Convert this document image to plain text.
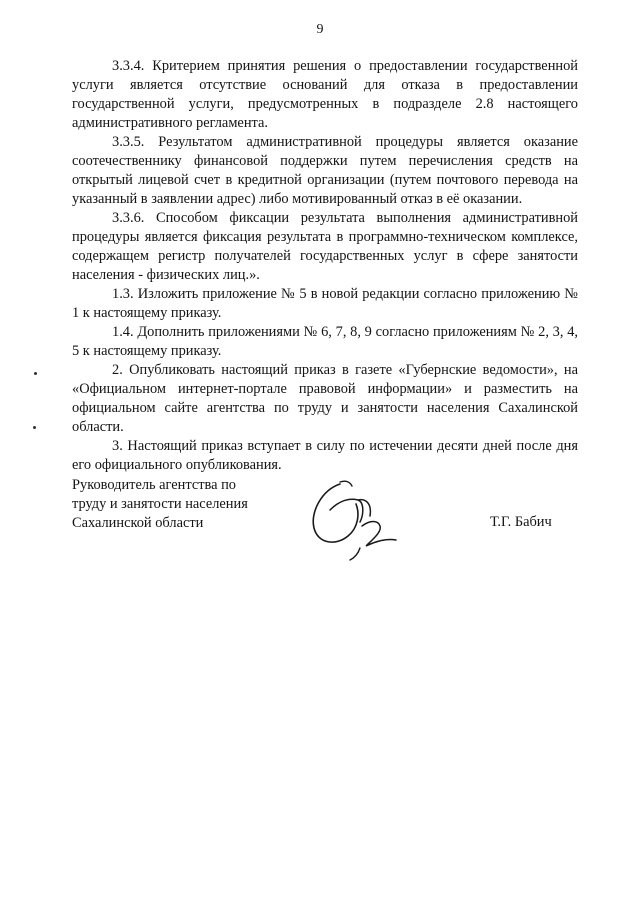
9

3.3.4. Критерием принятия решения о предоставлении государственной услуги является отсутствие оснований для отказа в предоставлении государственной услуги, предусмотренных в подразделе 2.8 настоящего административного регламента.

3.3.5. Результатом административной процедуры является оказание соотечественнику финансовой поддержки путем перечисления средств на открытый лицевой счет в кредитной организации (путем почтового перевода на указанный в заявлении адрес) либо мотивированный отказ в её оказании.

3.3.6. Способом фиксации результата выполнения административной процедуры является фиксация результата в программно-техническом комплексе, содержащем регистр получателей государственных услуг в сфере занятости населения - физических лиц.».

1.3. Изложить приложение № 5 в новой редакции согласно приложению № 1 к настоящему приказу.

1.4. Дополнить приложениями № 6, 7, 8, 9 согласно приложениям № 2, 3, 4, 5 к настоящему приказу.

2. Опубликовать настоящий приказ в газете «Губернские ведомости», на «Официальном интернет-портале правовой информации» и разместить на официальном сайте агентства по труду и занятости населения Сахалинской области.

3. Настоящий приказ вступает в силу по истечении десяти дней после дня его официального опубликования.

Руководитель агентства по
труду и занятости населения
Сахалинской области	Т.Г. Бабич
